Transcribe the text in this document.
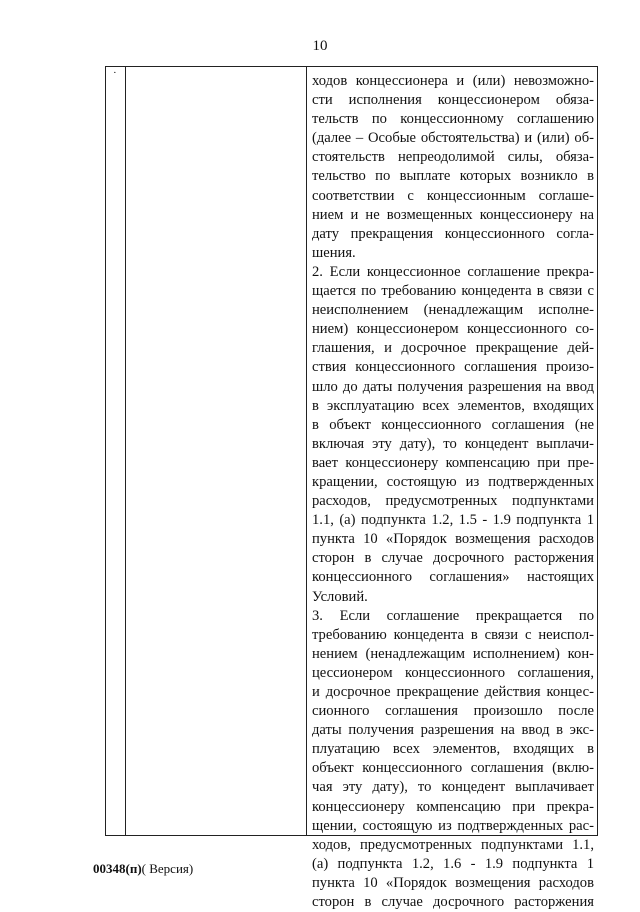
10
·	ходов концессионера и (или) невозможно-
сти исполнения концессионером обяза-
тельств по концессионному соглашению
(далее – Особые обстоятельства) и (или) об-
стоятельств непреодолимой силы, обяза-
тельство по выплате которых возникло в
соответствии с концессионным соглаше-
нием и не возмещенных концессионеру на
дату прекращения концессионного согла-
шения.
2. Если концессионное соглашение прекра-
щается по требованию концедента в связи с
неисполнением (ненадлежащим исполне-
нием) концессионером концессионного со-
глашения, и досрочное прекращение дей-
ствия концессионного соглашения произо-
шло до даты получения разрешения на ввод
в эксплуатацию всех элементов, входящих
в объект концессионного соглашения (не
включая эту дату), то концедент выплачи-
вает концессионеру компенсацию при пре-
кращении, состоящую из подтвержденных
расходов, предусмотренных подпунктами
1.1, (а) подпункта 1.2, 1.5 - 1.9 подпункта 1
пункта 10 «Порядок возмещения расходов
сторон в случае досрочного расторжения
концессионного соглашения» настоящих
Условий.
3. Если соглашение прекращается по
требованию концедента в связи с неиспол-
нением (ненадлежащим исполнением) кон-
цессионером концессионного соглашения,
и досрочное прекращение действия концес-
сионного соглашения произошло после
даты получения разрешения на ввод в экс-
плуатацию всех элементов, входящих в
объект концессионного соглашения (вклю-
чая эту дату), то концедент выплачивает
концессионеру компенсацию при прекра-
щении, состоящую из подтвержденных рас-
ходов, предусмотренных подпунктами 1.1,
(а) подпункта 1.2, 1.6 - 1.9 подпункта 1
пункта 10 «Порядок возмещения расходов
сторон в случае досрочного расторжения
00348(п)( Версия)
